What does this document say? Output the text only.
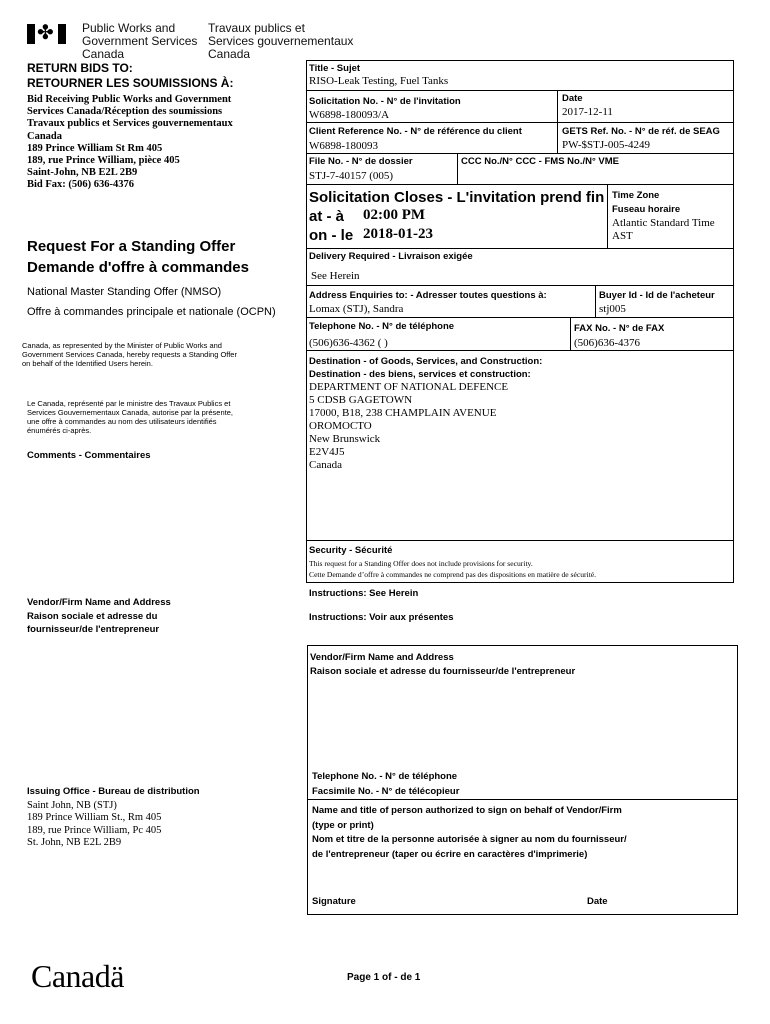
✤ Public Works and
Government Services
Canada
Travaux publics et
Services gouvernementaux
Canada
RETURN BIDS TO:
RETOURNER LES SOUMISSIONS À:
Bid Receiving Public Works and Government
Services Canada/Réception des soumissions
Travaux publics et Services gouvernementaux
Canada
189 Prince William St Rm 405
189, rue Prince William, pièce 405
Saint-John, NB E2L 2B9
Bid Fax: (506) 636-4376
Request For a Standing Offer
Demande d'offre à commandes
National Master Standing Offer (NMSO)
Offre à commandes principale et nationale (OCPN)
Canada, as represented by the Minister of Public Works and
Government Services Canada, hereby requests a Standing Offer
on behalf of the Identified Users herein.
Le Canada, représenté par le ministre des Travaux Publics et
Services Gouvernementaux Canada, autorise par la présente,
une offre à commandes au nom des utilisateurs identifiés
énumérés ci-après.
Comments - Commentaires
Vendor/Firm Name and Address
Raison sociale et adresse du
fournisseur/de l'entrepreneur
Issuing Office - Bureau de distribution
Saint John, NB (STJ)
189 Prince William St., Rm 405
189, rue Prince William, Pc 405
St. John, NB E2L 2B9
Title - Sujet
RISO-Leak Testing, Fuel Tanks
Solicitation No. - N° de l'invitation
W6898-180093/A
Date
2017-12-11
Client Reference No. - N° de référence du client
W6898-180093
GETS Ref. No. - N° de réf. de SEAG
PW-$STJ-005-4249
File No. - N° de dossier
STJ-7-40157 (005)
CCC No./N° CCC - FMS No./N° VME
Solicitation Closes - L'invitation prend fin
at - à 02:00 PM
on - le 2018-01-23
Time Zone
Fuseau horaire
Atlantic Standard Time
AST
Delivery Required - Livraison exigée
See Herein
Address Enquiries to: - Adresser toutes questions à:
Lomax (STJ), Sandra
Buyer Id - Id de l'acheteur
stj005
Telephone No. - N° de téléphone
(506)636-4362 ( )
FAX No. - N° de FAX
(506)636-4376
Destination - of Goods, Services, and Construction:
Destination - des biens, services et construction:
DEPARTMENT OF NATIONAL DEFENCE
5 CDSB GAGETOWN
17000, B18, 238 CHAMPLAIN AVENUE
OROMOCTO
New Brunswick
E2V4J5
Canada
Security - Sécurité
This request for a Standing Offer does not include provisions for security.
Cette Demande d’offre à commandes ne comprend pas des dispositions en matière de sécurité.
Instructions: See Herein
Instructions: Voir aux présentes
Vendor/Firm Name and Address
Raison sociale et adresse du fournisseur/de l'entrepreneur
Telephone No. - N° de téléphone
Facsimile No. - N° de télécopieur
Name and title of person authorized to sign on behalf of Vendor/Firm
(type or print)
Nom et titre de la personne autorisée à signer au nom du fournisseur/
de l'entrepreneur (taper ou écrire en caractères d'imprimerie)
Signature	Date
Canadä	Page 1 of - de 1
